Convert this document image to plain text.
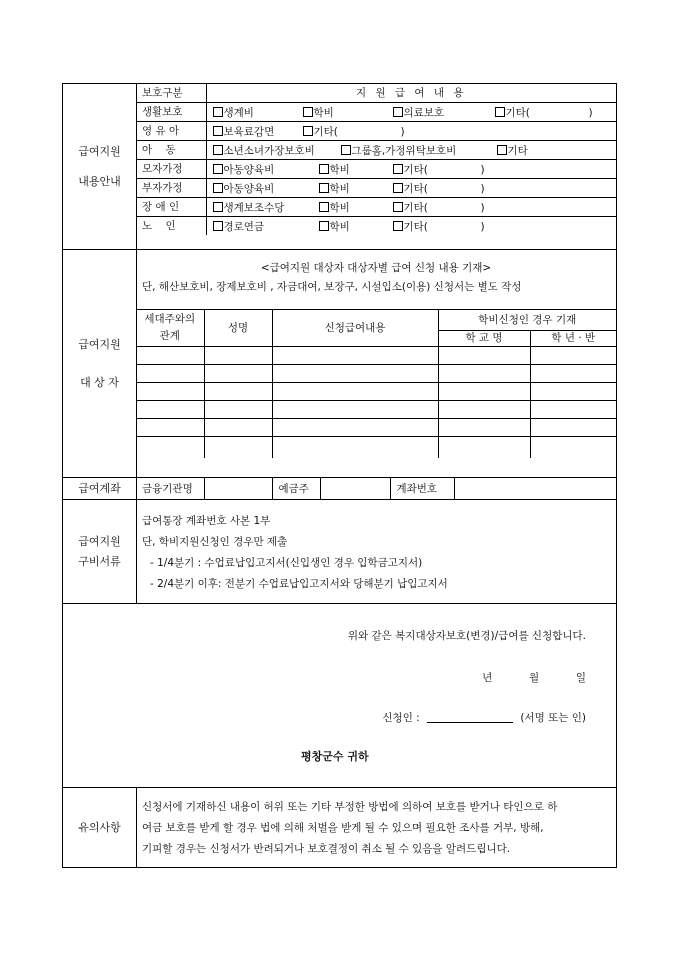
급여지원
내용안내
보호구분	지 원 급 여 내 용
생활보호	생계비 학비 의료보호 기타( )

영 유 아	보육료감면 기타( )

아    동	소년소녀가장보호비 그룹홈,가정위탁보호비 기타

모자가정	아동양육비 학비 기타( )

부자가정	아동양육비 학비 기타( )

장 애 인	생계보조수당 학비 기타( )

노    인	경로연금 학비 기타( )
급여지원
대 상 자
<급여지원 대상자 대상자별 급여 신청 내용 기재>
단, 해산보호비, 장제보호비 , 자금대여, 보장구, 시설입소(이용) 신청서는 별도 작성
세대주와의
관계	성명	신청급여내용	학비신청인 경우 기재	
			학 교 명	학 년 · 반

급여계좌 금융기관명		예금주		계좌번호	
급여지원
구비서류
급여통장 계좌번호 사본 1부
단, 학비지원신청인 경우만 제출
- 1/4분기 : 수업료납입고지서(신입생인 경우 입학금고지서)
- 2/4분기 이후: 전분기 수업료납입고지서와 당해분기 납입고지서
위와 같은 복지대상자보호(변경)/급여를 신청합니다.
년	월	일
신청인 :	(서명 또는 인)
평창군수 귀하
유의사항
신청서에 기재하신 내용이 허위 또는 기타 부정한 방법에 의하여 보호를 받거나 타인으로 하
여금 보호를 받게 할 경우 법에 의해 처벌을 받게 될 수 있으며 필요한 조사를 거부, 방해,
기피할 경우는 신청서가 반려되거나 보호결정이 취소 될 수 있음을 알려드립니다.
